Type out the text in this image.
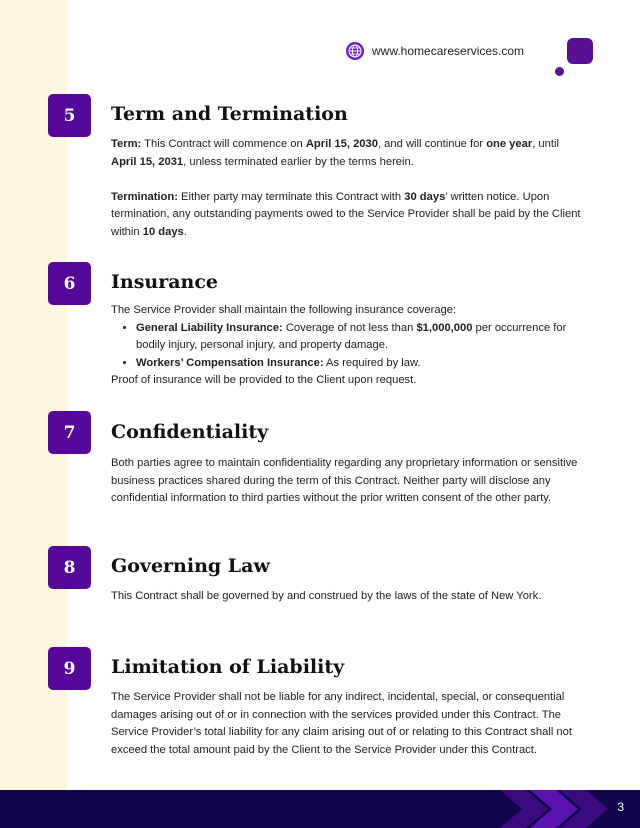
www.homecareservices.com
5	Term and Termination

Term: This Contract will commence on April 15, 2030, and will continue for one year, until April 15, 2031, unless terminated earlier by the terms herein.

Termination: Either party may terminate this Contract with 30 days’ written notice. Upon termination, any outstanding payments owed to the Service Provider shall be paid by the Client within 10 days.

6	Insurance

The Service Provider shall maintain the following insurance coverage:

• General Liability Insurance: Coverage of not less than $1,000,000 per occurrence for bodily injury, personal injury, and property damage.
• Workers’ Compensation Insurance: As required by law.

Proof of insurance will be provided to the Client upon request.

7	Confidentiality

Both parties agree to maintain confidentiality regarding any proprietary information or sensitive business practices shared during the term of this Contract. Neither party will disclose any confidential information to third parties without the prior written consent of the other party.

8	Governing Law

This Contract shall be governed by and construed by the laws of the state of New York.

9	Limitation of Liability

The Service Provider shall not be liable for any indirect, incidental, special, or consequential damages arising out of or in connection with the services provided under this Contract. The Service Provider’s total liability for any claim arising out of or relating to this Contract shall not exceed the total amount paid by the Client to the Service Provider under this Contract.

3
